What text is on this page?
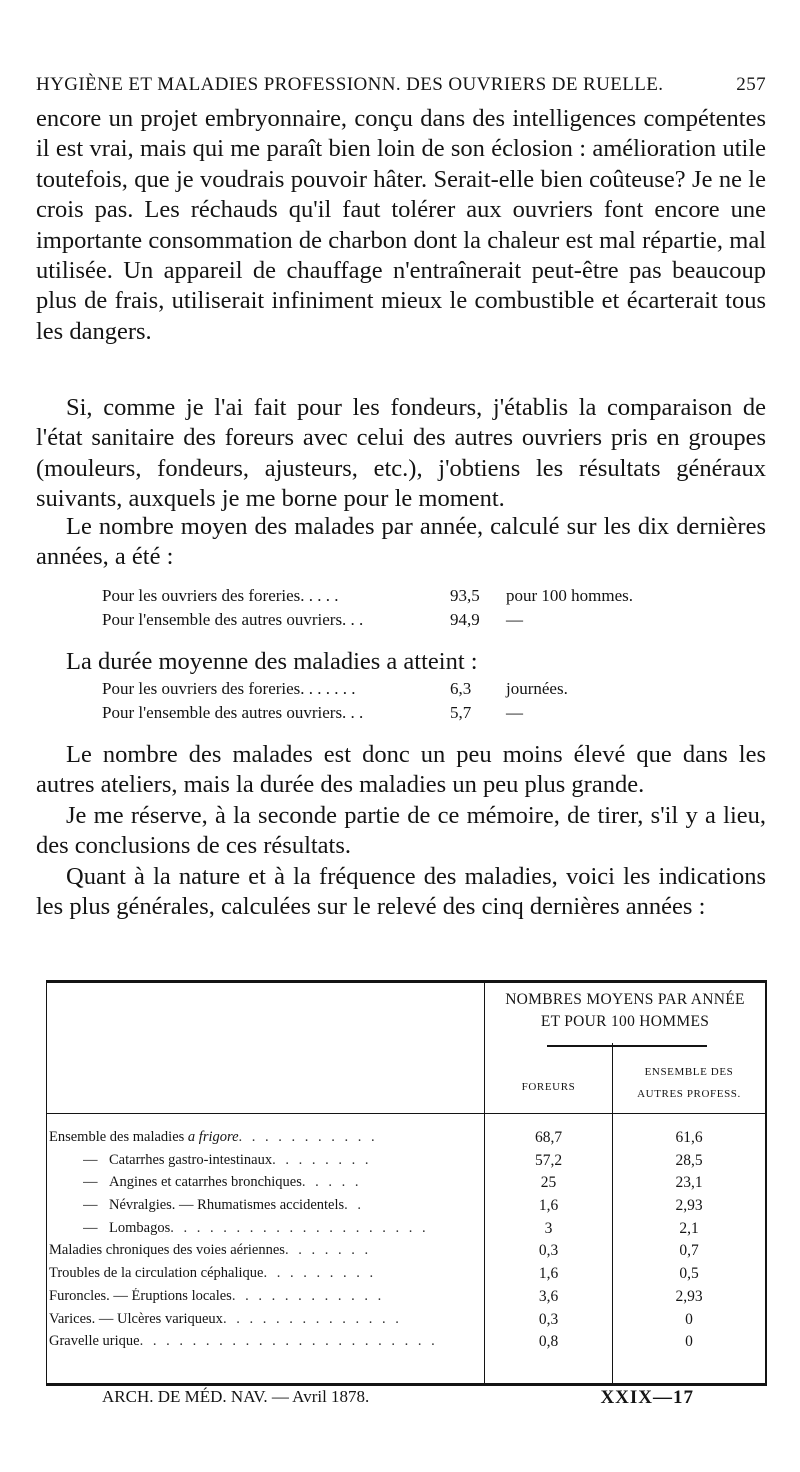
HYGIÈNE ET MALADIES PROFESSIONN. DES OUVRIERS DE RUELLE.	257
encore un projet embryonnaire, conçu dans des intelligences compétentes il est vrai, mais qui me paraît bien loin de son éclosion : amélioration utile toutefois, que je voudrais pouvoir hâter. Serait-elle bien coûteuse? Je ne le crois pas. Les réchauds qu'il faut tolérer aux ouvriers font encore une importante consommation de charbon dont la chaleur est mal répartie, mal utilisée. Un appareil de chauffage n'entraînerait peut-être pas beaucoup plus de frais, utiliserait infiniment mieux le combustible et écarterait tous les dangers.
Si, comme je l'ai fait pour les fondeurs, j'établis la comparaison de l'état sanitaire des foreurs avec celui des autres ouvriers pris en groupes (mouleurs, fondeurs, ajusteurs, etc.), j'obtiens les résultats généraux suivants, auxquels je me borne pour le moment.
Le nombre moyen des malades par année, calculé sur les dix dernières années, a été :
Pour les ouvriers des foreries. . . . .	93,5	pour 100 hommes.
Pour l'ensemble des autres ouvriers. . .	94,9	—
La durée moyenne des maladies a atteint :
Pour les ouvriers des foreries. . . . . . .	6,3	journées.
Pour l'ensemble des autres ouvriers. . .	5,7	—
Le nombre des malades est donc un peu moins élevé que dans les autres ateliers, mais la durée des maladies un peu plus grande.
Je me réserve, à la seconde partie de ce mémoire, de tirer, s'il y a lieu, des conclusions de ces résultats.
Quant à la nature et à la fréquence des maladies, voici les indications les plus générales, calculées sur le relevé des cinq dernières années :
NOMBRES MOYENS PAR ANNÉE
ET POUR 100 HOMMES
FOREURS
ENSEMBLE DES
AUTRES PROFESS.
Ensemble des maladies a frigore. . . . . . . . . . .	68,7	61,6
— Catarrhes gastro-intestinaux. . . . . . . .	57,2	28,5
— Angines et catarrhes bronchiques. . . . .	25	23,1
— Névralgies. — Rhumatismes accidentels. .	1,6	2,93
— Lombagos. . . . . . . . . . . . . . . . . . . .	3	2,1
Maladies chroniques des voies aériennes. . . . . . .	0,3	0,7
Troubles de la circulation céphalique. . . . . . . . .	1,6	0,5
Furoncles. — Éruptions locales. . . . . . . . . . . .	3,6	2,93
Varices. — Ulcères variqueux. . . . . . . . . . . . . .	0,3	0
Gravelle urique. . . . . . . . . . . . . . . . . . . . . . .	0,8	0
ARCH. DE MÉD. NAV. — Avril 1878.	XXIX—17
